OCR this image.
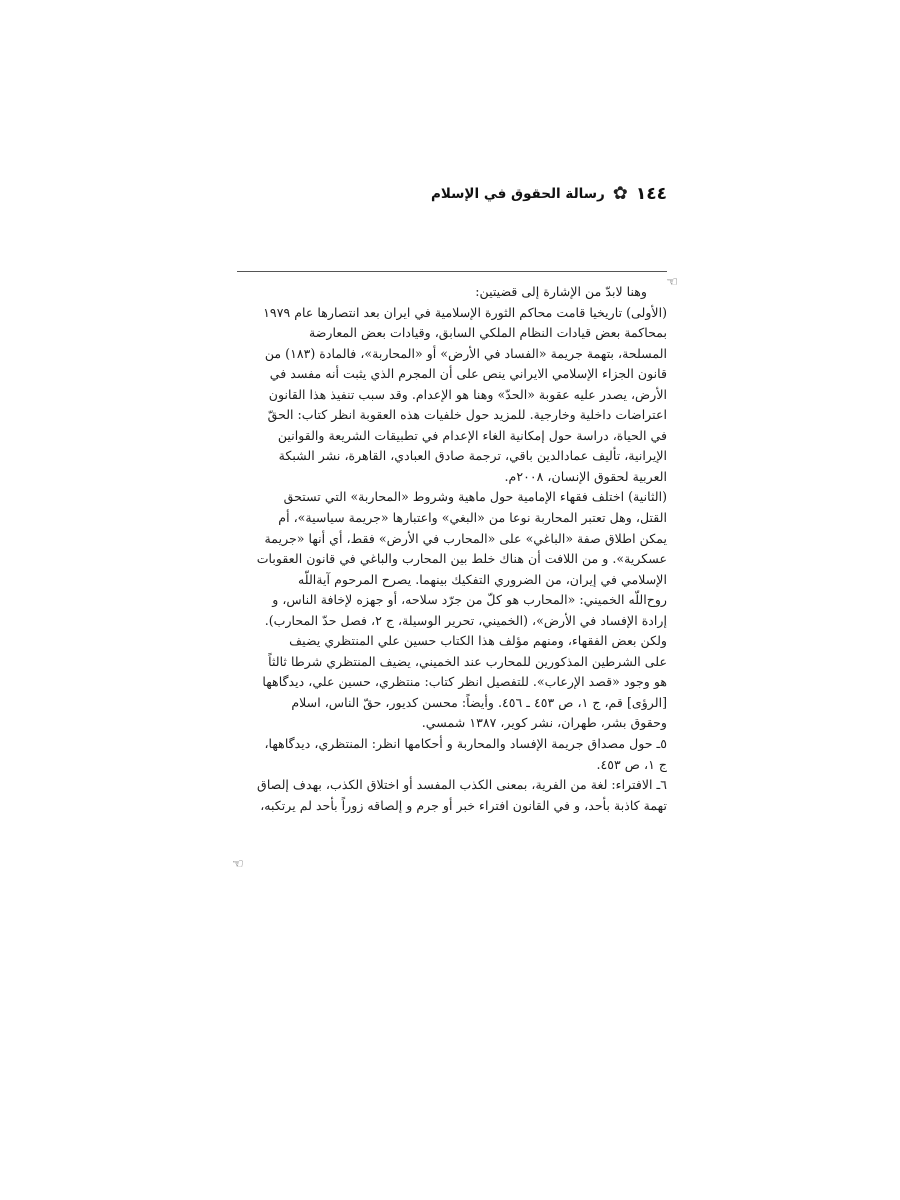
١٤٤
✿
رسالة الحقوق في الإسلام
☜
وهنا لابدّ من الإشارة إلى قضيتين:
(الأولى) تاريخيا قامت محاكم الثورة الإسلامية في ايران بعد انتصارها عام ١٩٧٩
بمحاكمة بعض قيادات النظام الملكي السابق، وقيادات بعض المعارضة
المسلحة، بتهمة جريمة «الفساد في الأرض» أو «المحاربة»، فالمادة (١٨٣) من
قانون الجزاء الإسلامي الايراني ينص على أن المجرم الذي يثبت أنه مفسد في
الأرض، يصدر عليه عقوبة «الحدّ» وهنا هو الإعدام. وقد سبب تنفيذ هذا القانون
اعتراضات داخلية وخارجية. للمزيد حول خلفيات هذه العقوبة انظر كتاب: الحقّ
في الحياة، دراسة حول إمكانية الغاء الإعدام في تطبيقات الشريعة والقوانين
الإيرانية، تأليف عمادالدين باقي، ترجمة صادق العبادي، القاهرة، نشر الشبكة
العربية لحقوق الإنسان، ٢٠٠٨م.
(الثانية) اختلف فقهاء الإمامية حول ماهية وشروط «المحاربة» التي تستحق
القتل، وهل تعتبر المحاربة نوعا من «البغي» واعتبارها «جريمة سياسية»، أم
يمكن اطلاق صفة «الباغي» على «المحارب في الأرض» فقط، أي أنها «جريمة
عسكرية». و من اللافت أن هناك خلط بين المحارب والباغي في قانون العقوبات
الإسلامي في إيران، من الضروري التفكيك بينهما. يصرح المرحوم آيةاللّه
روح‌اللّه الخميني: «المحارب هو كلّ من جرّد سلاحه، أو جهزه لإخافة الناس، و
إرادة الإفساد في الأرض»، (الخميني، تحرير الوسيلة، ج ٢، فصل حدّ المحارب).
ولكن بعض الفقهاء، ومنهم مؤلف هذا الكتاب حسين علي المنتظري يضيف
على الشرطين المذكورين للمحارب عند الخميني، يضيف المنتظري شرطا ثالثاً
هو وجود «قصد الإرعاب». للتفصيل انظر كتاب: منتظري، حسين علي، ديدگاهها
[الرؤى] قم، ج ١، ص ٤٥٣ ـ ٤٥٦. وأيضاً: محسن كديور، حقّ الناس، اسلام
وحقوق بشر، طهران، نشر كوير، ١٣٨٧ شمسي.
٥ـ حول مصداق جريمة الإفساد والمحاربة و أحكامها انظر: المنتظري، ديدگاهها،
ج ١، ص ٤٥٣.
٦ـ الافتراء: لغة من الفرية، بمعنى الكذب المفسد أو اختلاق الكذب، بهدف إلصاق
تهمة كاذبة بأحد، و في القانون افتراء خبر أو جرم و إلصاقه زوراً بأحد لم يرتكبه،
☜
